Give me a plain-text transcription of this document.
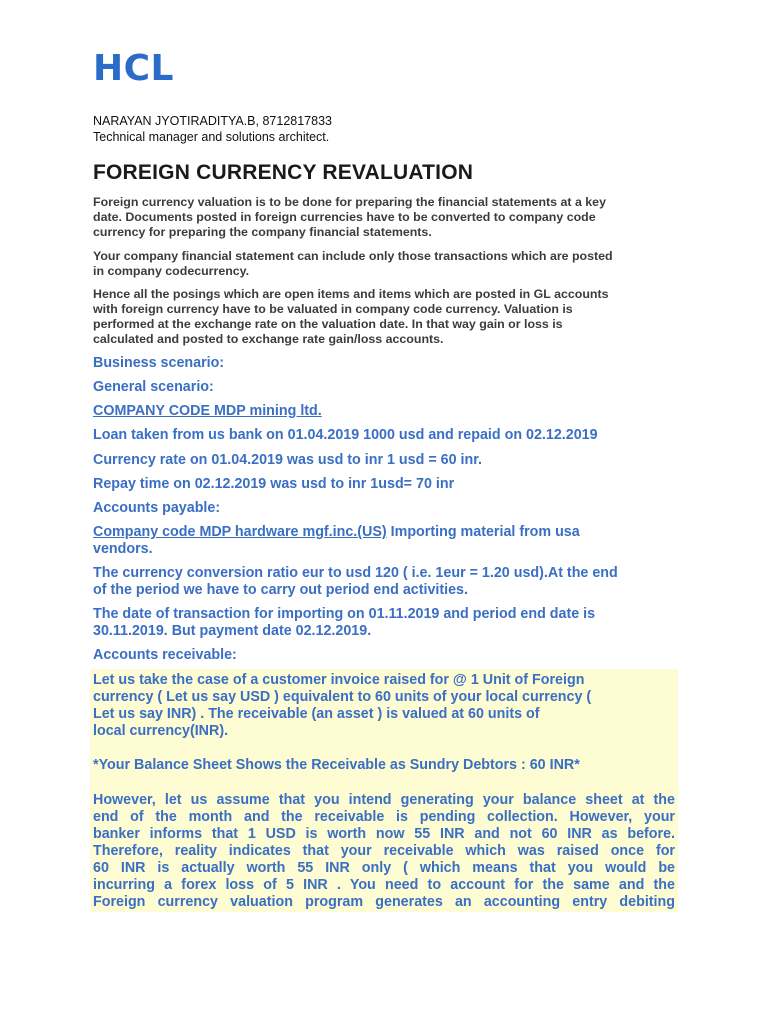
HCL
NARAYAN JYOTIRADITYA.B, 8712817833
Technical manager and solutions architect.
FOREIGN CURRENCY REVALUATION
Foreign currency valuation is to be done for preparing the financial statements at a key
date. Documents posted in foreign currencies have to be converted to company code
currency for preparing the company financial statements.
Your company financial statement can include only those transactions which are posted
in company codecurrency.
Hence all the posings which are open items and items which are posted in GL accounts
with foreign currency have to be valuated in company code currency. Valuation is
performed at the exchange rate on the valuation date. In that way gain or loss is
calculated and posted to exchange rate gain/loss accounts.
Business scenario:
General scenario:
COMPANY CODE MDP mining ltd.
Loan taken from us bank on 01.04.2019 1000 usd and repaid on 02.12.2019
Currency rate on 01.04.2019 was usd to inr 1 usd = 60 inr.
Repay time on 02.12.2019 was usd to inr 1usd= 70 inr
Accounts payable:
Company code MDP hardware mgf.inc.(US) Importing material from usa
vendors.
The currency conversion ratio eur to usd 120 ( i.e. 1eur = 1.20 usd).At the end
of the period we have to carry out period end activities.
The date of transaction for importing on 01.11.2019 and period end date is
30.11.2019. But payment date 02.12.2019.
Accounts receivable:
Let us take the case of a customer invoice raised for @ 1 Unit of Foreign
currency ( Let us say USD ) equivalent to 60 units of your local currency (
Let us say INR) . The receivable (an asset ) is valued at 60 units of
local currency(INR).
*Your Balance Sheet Shows the Receivable as Sundry Debtors : 60 INR*
However, let us assume that you intend generating your balance sheet at the
end of the month and the receivable is pending collection. However, your
banker informs that 1 USD is worth now 55 INR and not 60 INR as before.
Therefore, reality indicates that your receivable which was raised once for
60 INR is actually worth 55 INR only ( which means that you would be
incurring a forex loss of 5 INR . You need to account for the same and the
Foreign currency valuation program generates an accounting entry debiting
